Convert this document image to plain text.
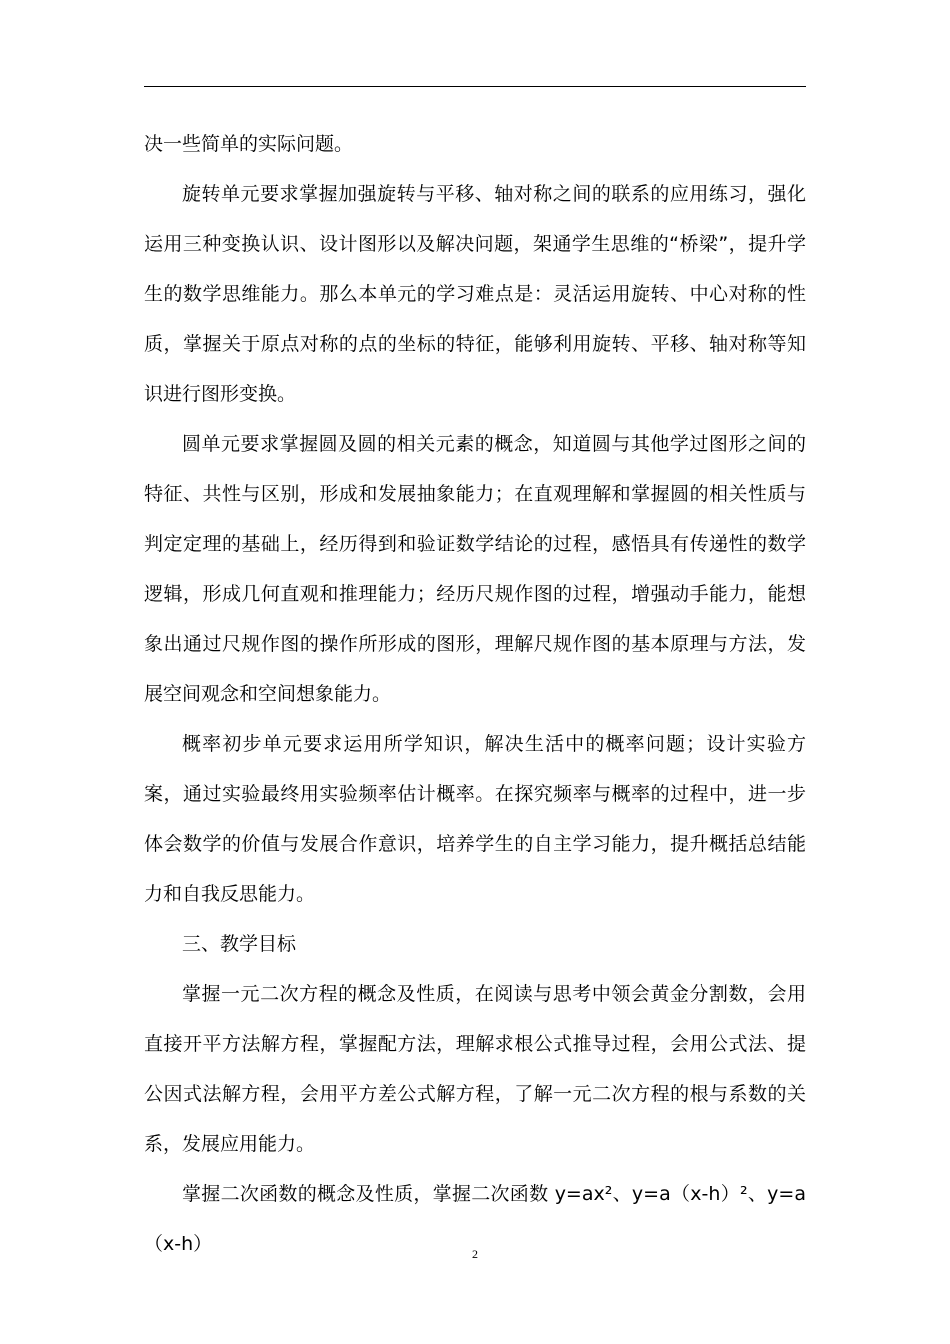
决一些简单的实际问题。

旋转单元要求掌握加强旋转与平移、轴对称之间的联系的应用练习，强化运用三种变换认识、设计图形以及解决问题，架通学生思维的“桥梁”，提升学生的数学思维能力。那么本单元的学习难点是：灵活运用旋转、中心对称的性质，掌握关于原点对称的点的坐标的特征，能够利用旋转、平移、轴对称等知识进行图形变换。

圆单元要求掌握圆及圆的相关元素的概念，知道圆与其他学过图形之间的特征、共性与区别，形成和发展抽象能力；在直观理解和掌握圆的相关性质与判定定理的基础上，经历得到和验证数学结论的过程，感悟具有传递性的数学逻辑，形成几何直观和推理能力；经历尺规作图的过程，增强动手能力，能想象出通过尺规作图的操作所形成的图形，理解尺规作图的基本原理与方法，发展空间观念和空间想象能力。

概率初步单元要求运用所学知识，解决生活中的概率问题；设计实验方案，通过实验最终用实验频率估计概率。在探究频率与概率的过程中，进一步体会数学的价值与发展合作意识，培养学生的自主学习能力，提升概括总结能力和自我反思能力。

三、教学目标

掌握一元二次方程的概念及性质，在阅读与思考中领会黄金分割数，会用直接开平方法解方程，掌握配方法，理解求根公式推导过程，会用公式法、提公因式法解方程，会用平方差公式解方程，了解一元二次方程的根与系数的关系，发展应用能力。

掌握二次函数的概念及性质，掌握二次函数 y=ax²、y=a（x-h）²、y=a（x-h）	2
